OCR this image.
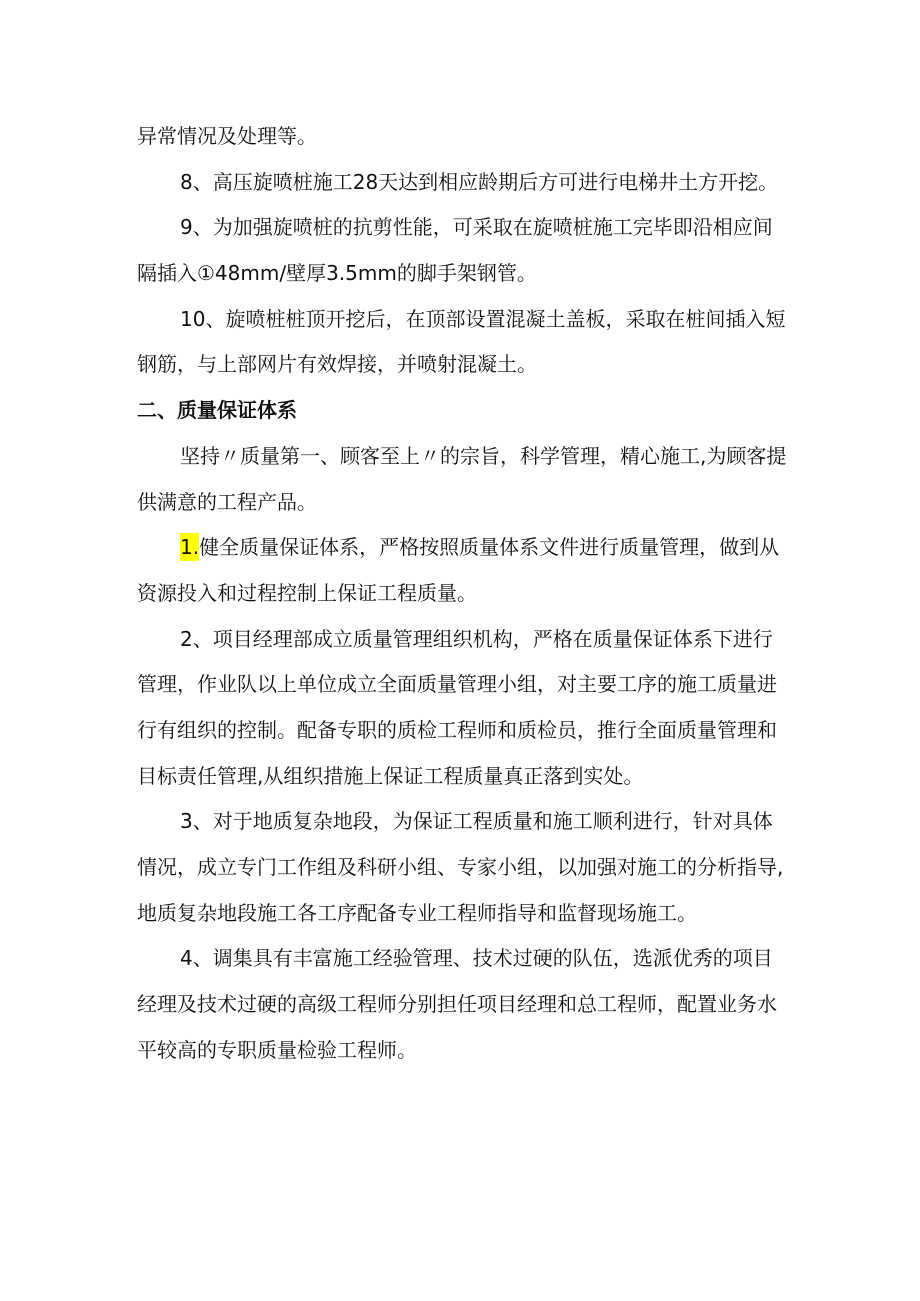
异常情况及处理等。
8、高压旋喷桩施工28天达到相应龄期后方可进行电梯井土方开挖。
9、为加强旋喷桩的抗剪性能，可采取在旋喷桩施工完毕即沿相应间
隔插入①48mm∕壁厚3.5mm的脚手架钢管。
10、旋喷桩桩顶开挖后，在顶部设置混凝土盖板，采取在桩间插入短
钢筋，与上部网片有效焊接，并喷射混凝土。
二、质量保证体系
坚持〃质量第一、顾客至上〃的宗旨，科学管理，精心施工,为顾客提
供满意的工程产品。
1.健全质量保证体系，严格按照质量体系文件进行质量管理，做到从
资源投入和过程控制上保证工程质量。
2、项目经理部成立质量管理组织机构，严格在质量保证体系下进行
管理，作业队以上单位成立全面质量管理小组，对主要工序的施工质量进
行有组织的控制。配备专职的质检工程师和质检员，推行全面质量管理和
目标责任管理,从组织措施上保证工程质量真正落到实处。
3、对于地质复杂地段，为保证工程质量和施工顺利进行，针对具体
情况，成立专门工作组及科研小组、专家小组，以加强对施工的分析指导,
地质复杂地段施工各工序配备专业工程师指导和监督现场施工。
4、调集具有丰富施工经验管理、技术过硬的队伍，选派优秀的项目
经理及技术过硬的高级工程师分别担任项目经理和总工程师，配置业务水
平较高的专职质量检验工程师。
